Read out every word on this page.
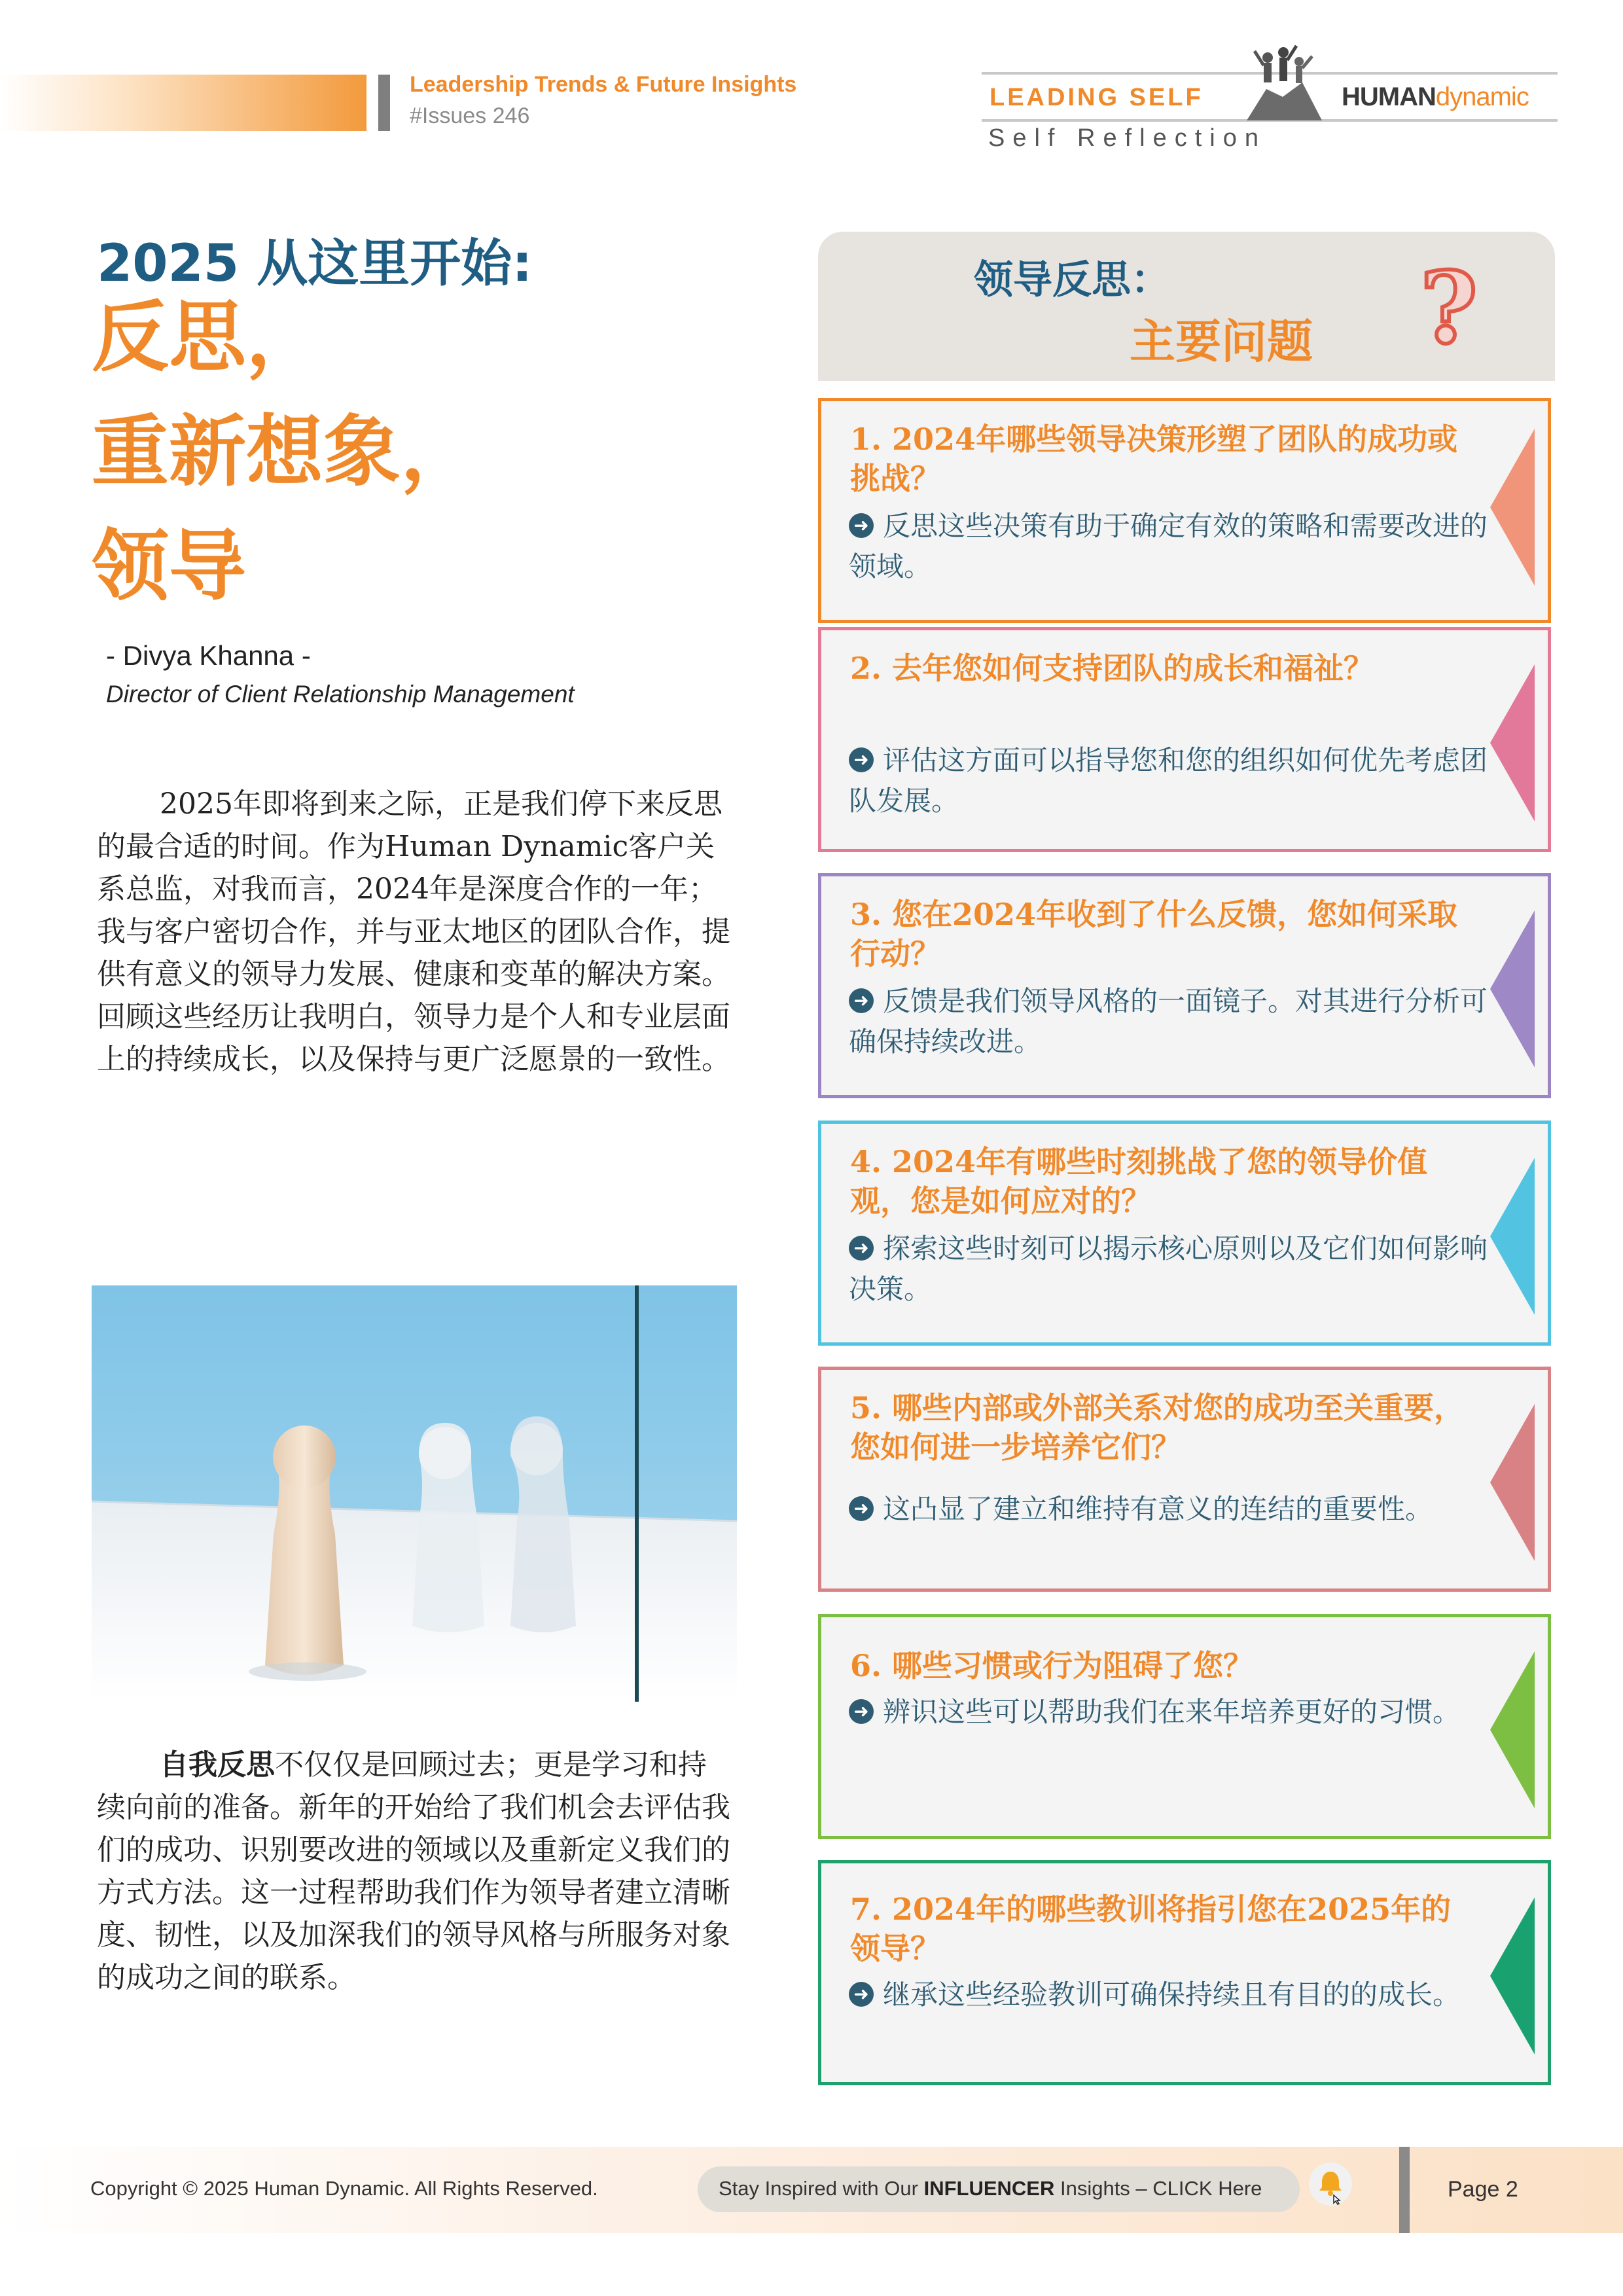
Leadership Trends & Future Insights
#Issues 246
LEADING SELF	HUMANdynamic
Self Reflection
2025 从这里开始:
反思，
重新想象，
领导
- Divya Khanna -
Director of Client Relationship Management

2025年即将到来之际，正是我们停下来反思的最合适的时间。作为Human Dynamic客户关系总监，对我而言，2024年是深度合作的一年；我与客户密切合作，并与亚太地区的团队合作，提供有意义的领导力发展、健康和变革的解决方案。回顾这些经历让我明白，领导力是个人和专业层面上的持续成长，以及保持与更广泛愿景的一致性。

自我反思不仅仅是回顾过去；更是学习和持续向前的准备。新年的开始给了我们机会去评估我们的成功、识别要改进的领域以及重新定义我们的方式方法。这一过程帮助我们作为领导者建立清晰度、韧性，以及加深我们的领导风格与所服务对象的成功之间的联系。

领导反思：
主要问题 ?
1. 2024年哪些领导决策形塑了团队的成功或挑战？
➜ 反思这些决策有助于确定有效的策略和需要改进的领域。
2. 去年您如何支持团队的成长和福祉？
➜ 评估这方面可以指导您和您的组织如何优先考虑团队发展。
3. 您在2024年收到了什么反馈，您如何采取行动？
➜ 反馈是我们领导风格的一面镜子。对其进行分析可确保持续改进。
4. 2024年有哪些时刻挑战了您的领导价值观，您是如何应对的？
➜ 探索这些时刻可以揭示核心原则以及它们如何影响决策。
5. 哪些内部或外部关系对您的成功至关重要，您如何进一步培养它们？
➜ 这凸显了建立和维持有意义的连结的重要性。
6. 哪些习惯或行为阻碍了您？
➜ 辨识这些可以帮助我们在来年培养更好的习惯。
7. 2024年的哪些教训将指引您在2025年的领导？
➜ 继承这些经验教训可确保持续且有目的的成长。
Copyright © 2025 Human Dynamic. All Rights Reserved.	Stay Inspired with Our INFLUENCER Insights – CLICK Here	Page 2
